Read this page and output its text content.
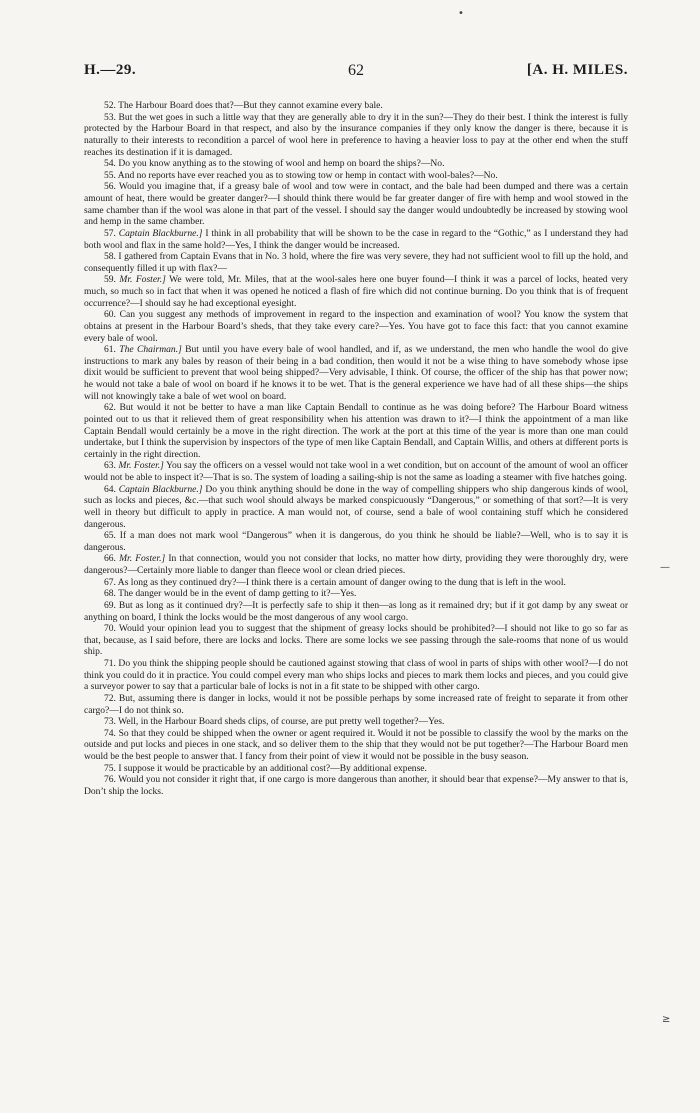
•
H.—29.	62	[A. H. MILES.

52. The Harbour Board does that?—But they cannot examine every bale.

53. But the wet goes in such a little way that they are generally able to dry it in the sun?—They do their best. I think the interest is fully protected by the Harbour Board in that respect, and also by the insurance companies if they only know the danger is there, because it is naturally to their interests to recondition a parcel of wool here in preference to having a heavier loss to pay at the other end when the stuff reaches its destination if it is damaged.

54. Do you know anything as to the stowing of wool and hemp on board the ships?—No.

55. And no reports have ever reached you as to stowing tow or hemp in contact with wool-bales?—No.

56. Would you imagine that, if a greasy bale of wool and tow were in contact, and the bale had been dumped and there was a certain amount of heat, there would be greater danger?—I should think there would be far greater danger of fire with hemp and wool stowed in the same chamber than if the wool was alone in that part of the vessel. I should say the danger would undoubtedly be increased by stowing wool and hemp in the same chamber.

57. Captain Blackburne.] I think in all probability that will be shown to be the case in regard to the “Gothic,” as I understand they had both wool and flax in the same hold?—Yes, I think the danger would be increased.

58. I gathered from Captain Evans that in No. 3 hold, where the fire was very severe, they had not sufficient wool to fill up the hold, and consequently filled it up with flax?—

59. Mr. Foster.] We were told, Mr. Miles, that at the wool-sales here one buyer found—I think it was a parcel of locks, heated very much, so much so in fact that when it was opened he noticed a flash of fire which did not continue burning. Do you think that is of frequent occurrence?—I should say he had exceptional eyesight.

60. Can you suggest any methods of improvement in regard to the inspection and examination of wool? You know the system that obtains at present in the Harbour Board’s sheds, that they take every care?—Yes. You have got to face this fact: that you cannot examine every bale of wool.

61. The Chairman.] But until you have every bale of wool handled, and if, as we understand, the men who handle the wool do give instructions to mark any bales by reason of their being in a bad condition, then would it not be a wise thing to have somebody whose ipse dixit would be sufficient to prevent that wool being shipped?—Very advisable, I think. Of course, the officer of the ship has that power now; he would not take a bale of wool on board if he knows it to be wet. That is the general experience we have had of all these ships—the ships will not knowingly take a bale of wet wool on board.

62. But would it not be better to have a man like Captain Bendall to continue as he was doing before? The Harbour Board witness pointed out to us that it relieved them of great responsibility when his attention was drawn to it?—I think the appointment of a man like Captain Bendall would certainly be a move in the right direction. The work at the port at this time of the year is more than one man could undertake, but I think the supervision by inspectors of the type of men like Captain Bendall, and Captain Willis, and others at different ports is certainly in the right direction.

63. Mr. Foster.] You say the officers on a vessel would not take wool in a wet condition, but on account of the amount of wool an officer would not be able to inspect it?—That is so. The system of loading a sailing-ship is not the same as loading a steamer with five hatches going.

64. Captain Blackburne.] Do you think anything should be done in the way of compelling shippers who ship dangerous kinds of wool, such as locks and pieces, &c.—that such wool should always be marked conspicuously “Dangerous,” or something of that sort?—It is very well in theory but difficult to apply in practice. A man would not, of course, send a bale of wool containing stuff which he considered dangerous.

65. If a man does not mark wool “Dangerous” when it is dangerous, do you think he should be liable?—Well, who is to say it is dangerous.

66. Mr. Foster.] In that connection, would you not consider that locks, no matter how dirty, providing they were thoroughly dry, were dangerous?—Certainly more liable to danger than fleece wool or clean dried pieces.

67. As long as they continued dry?—I think there is a certain amount of danger owing to the dung that is left in the wool.

68. The danger would be in the event of damp getting to it?—Yes.

69. But as long as it continued dry?—It is perfectly safe to ship it then—as long as it remained dry; but if it got damp by any sweat or anything on board, I think the locks would be the most dangerous of any wool cargo.

70. Would your opinion lead you to suggest that the shipment of greasy locks should be prohibited?—I should not like to go so far as that, because, as I said before, there are locks and locks. There are some locks we see passing through the sale-rooms that none of us would ship.

71. Do you think the shipping people should be cautioned against stowing that class of wool in parts of ships with other wool?—I do not think you could do it in practice. You could compel every man who ships locks and pieces to mark them locks and pieces, and you could give a surveyor power to say that a particular bale of locks is not in a fit state to be shipped with other cargo.

72. But, assuming there is danger in locks, would it not be possible perhaps by some increased rate of freight to separate it from other cargo?—I do not think so.

73. Well, in the Harbour Board sheds clips, of course, are put pretty well together?—Yes.

74. So that they could be shipped when the owner or agent required it. Would it not be possible to classify the wool by the marks on the outside and put locks and pieces in one stack, and so deliver them to the ship that they would not be put together?—The Harbour Board men would be the best people to answer that. I fancy from their point of view it would not be possible in the busy season.

75. I suppose it would be practicable by an additional cost?—By additional expense.

76. Would you not consider it right that, if one cargo is more dangerous than another, it should bear that expense?—My answer to that is, Don’t ship the locks.

—
≥
